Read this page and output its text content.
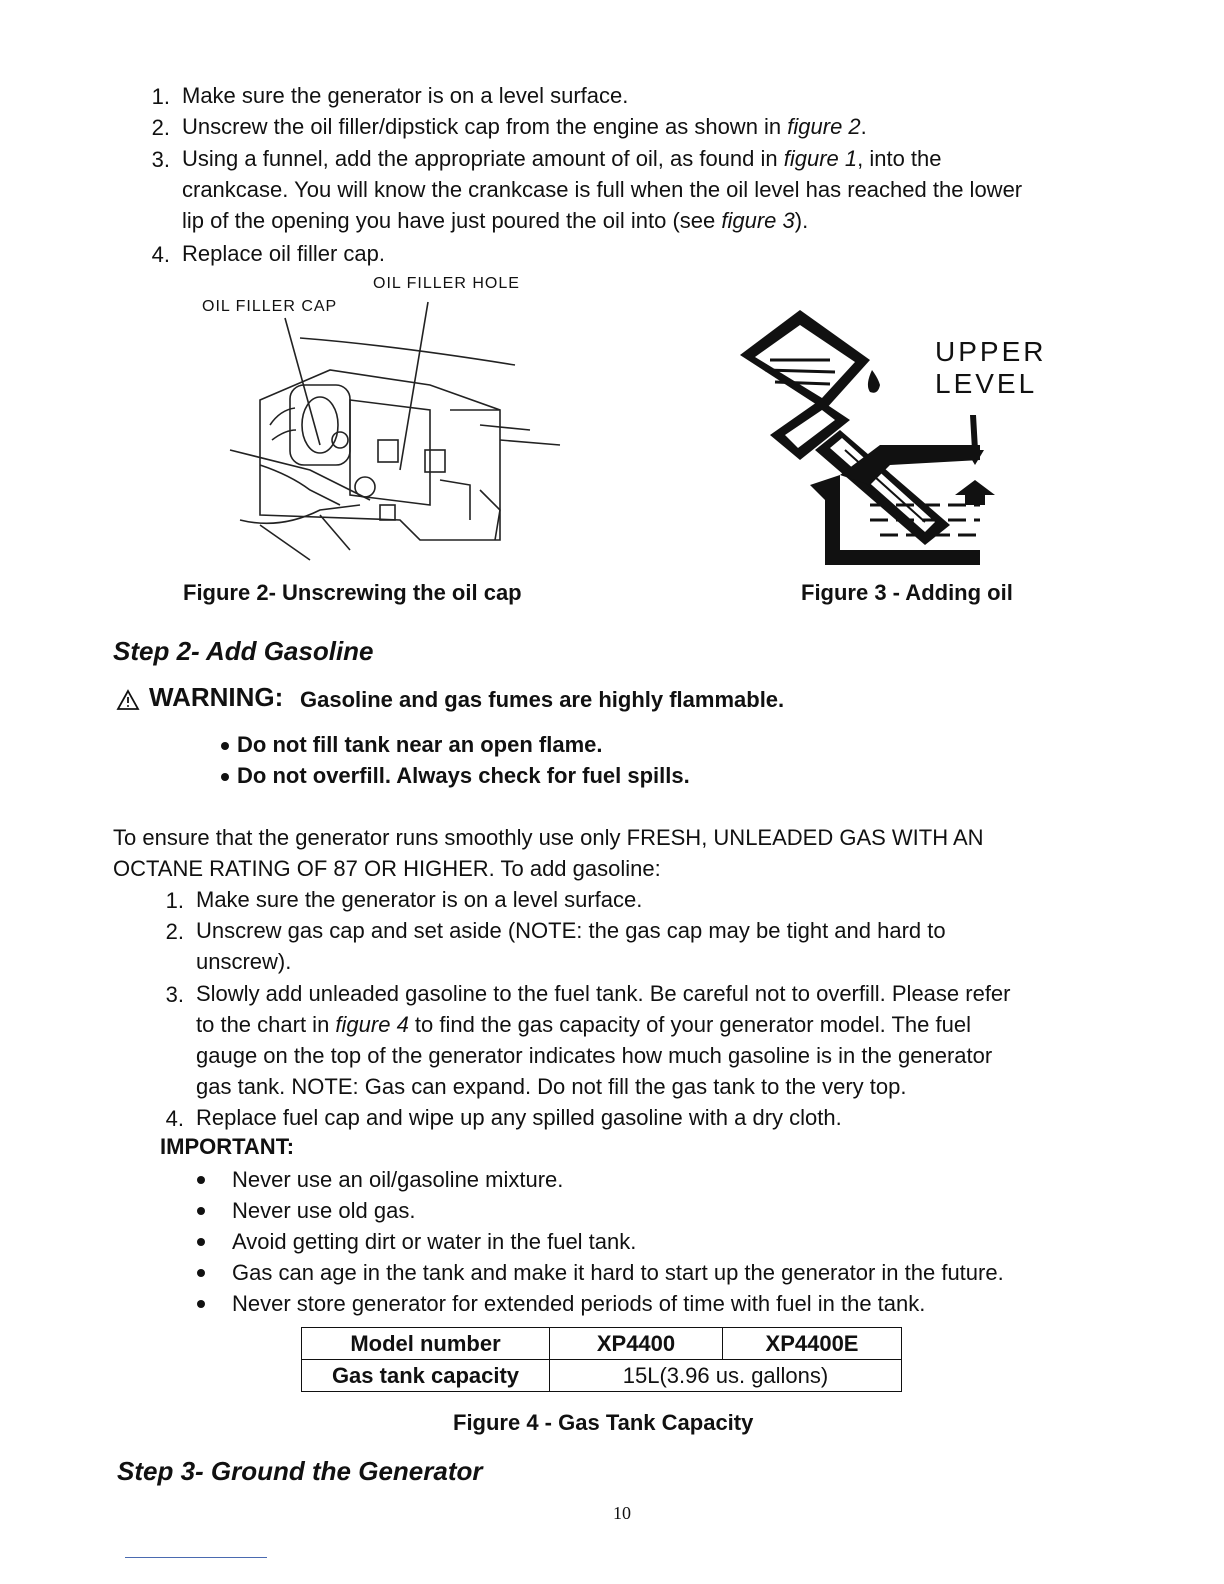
1. Make sure the generator is on a level surface.
2. Unscrew the oil filler/dipstick cap from the engine as shown in figure 2.
3. Using a funnel, add the appropriate amount of oil, as found in figure 1, into the
crankcase. You will know the crankcase is full when the oil level has reached the lower
lip of the opening you have just poured the oil into (see figure 3).
4. Replace oil filler cap.
OIL FILLER HOLE
OIL FILLER CAP
Figure 2- Unscrewing the oil cap
UPPER
LEVEL
Figure 3 - Adding oil
Step 2- Add Gasoline
WARNING: Gasoline and gas fumes are highly flammable.
Do not fill tank near an open flame.
Do not overfill. Always check for fuel spills.
To ensure that the generator runs smoothly use only FRESH, UNLEADED GAS WITH AN
OCTANE RATING OF 87 OR HIGHER. To add gasoline:
1. Make sure the generator is on a level surface.
2. Unscrew gas cap and set aside (NOTE: the gas cap may be tight and hard to
unscrew).
3. Slowly add unleaded gasoline to the fuel tank. Be careful not to overfill. Please refer
to the chart in figure 4 to find the gas capacity of your generator model. The fuel
gauge on the top of the generator indicates how much gasoline is in the generator
gas tank. NOTE: Gas can expand. Do not fill the gas tank to the very top.
4. Replace fuel cap and wipe up any spilled gasoline with a dry cloth.
IMPORTANT:
Never use an oil/gasoline mixture.
Never use old gas.
Avoid getting dirt or water in the fuel tank.
Gas can age in the tank and make it hard to start up the generator in the future.
Never store generator for extended periods of time with fuel in the tank.
Model number	XP4400	XP4400E
Gas tank capacity	15L(3.96 us. gallons)	
Figure 4 - Gas Tank Capacity
Step 3- Ground the Generator
10
